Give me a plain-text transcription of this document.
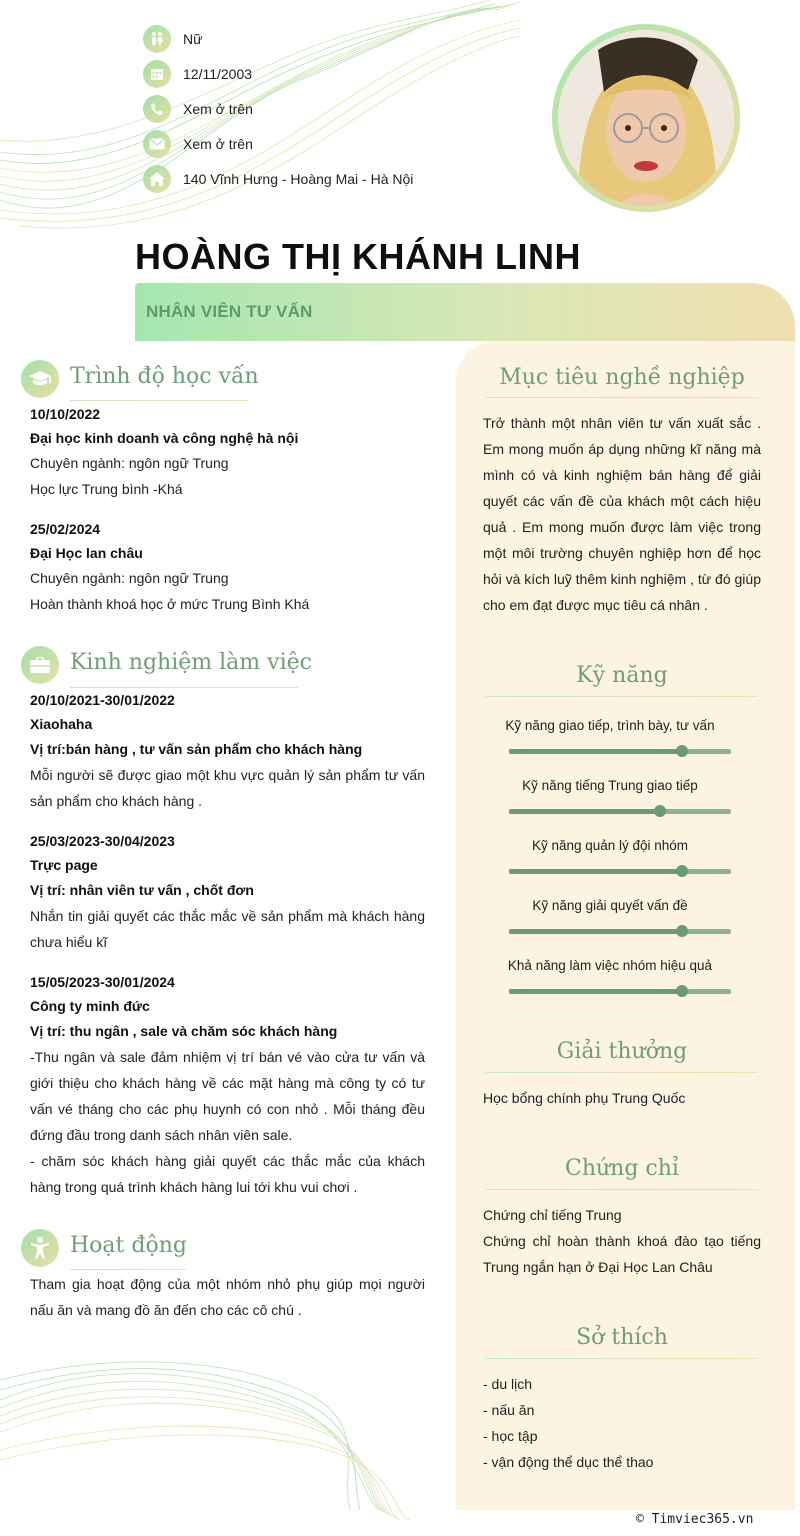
Nữ
12/11/2003
Xem ở trên
Xem ở trên
140 Vĩnh Hưng - Hoàng Mai - Hà Nội
HOÀNG THỊ KHÁNH LINH
NHÂN VIÊN TƯ VẤN
Mục tiêu nghề nghiệp
Trở thành một nhân viên tư vấn xuất sắc . Em mong muốn áp dụng những kĩ năng mà mình có và kinh nghiệm bán hàng để giải quyết các vấn đề của khách một cách hiệu quả . Em mong muốn được làm việc trong một môi trường chuyên nghiệp hơn để học hỏi và kích luỹ thêm kinh nghiệm , từ đó giúp cho em đạt được mục tiêu cá nhân .
Kỹ năng
Kỹ năng giao tiếp, trình bày, tư vấn
Kỹ năng tiếng Trung giao tiếp
Kỹ năng quản lý đội nhóm
Kỹ năng giải quyết vấn đề
Khả năng làm việc nhóm hiệu quả
Giải thưởng
Học bổng chính phụ Trung Quốc
Chứng chỉ
Chứng chỉ tiếng Trung
Chứng chỉ hoàn thành khoá đào tạo tiếng Trung ngắn hạn ở Đại Học Lan Châu
Sở thích
- du lịch
- nấu ăn
- học tập
- vận động thể dục thể thao
Trình độ học vấn
10/10/2022
Đại học kinh doanh và công nghệ hà nội
Chuyên ngành: ngôn ngữ Trung
Học lực Trung bình -Khá
25/02/2024
Đại Học lan châu
Chuyên ngành: ngôn ngữ Trung
Hoàn thành khoá học ở mức Trung Bình Khá
Kinh nghiệm làm việc
20/10/2021-30/01/2022
Xiaohaha
Vị trí:bán hàng , tư vấn sản phẩm cho khách hàng
Mỗi người sẽ được giao một khu vực quản lý sản phẩm tư vấn sản phẩm cho khách hàng .
25/03/2023-30/04/2023
Trực page
Vị trí: nhân viên tư vấn , chốt đơn
Nhắn tin giải quyết các thắc mắc về sản phẩm mà khách hàng chưa hiểu kĩ
15/05/2023-30/01/2024
Công ty minh đức
Vị trí: thu ngân , sale và chăm sóc khách hàng
-Thu ngân và sale đảm nhiệm vị trí bán vé vào cửa tư vấn và giới thiệu cho khách hàng về các mặt hàng mà công ty có tư vấn vé tháng cho các phụ huynh có con nhỏ . Mỗi tháng đều đứng đầu trong danh sách nhân viên sale.
- chăm sóc khách hàng giải quyết các thắc mắc của khách hàng trong quá trình khách hàng lui tới khu vui chơi .
Hoạt động
Tham gia hoạt động của một nhóm nhỏ phụ giúp mọi người nấu ăn và mang đồ ăn đến cho các cô chú .
© Timviec365.vn
